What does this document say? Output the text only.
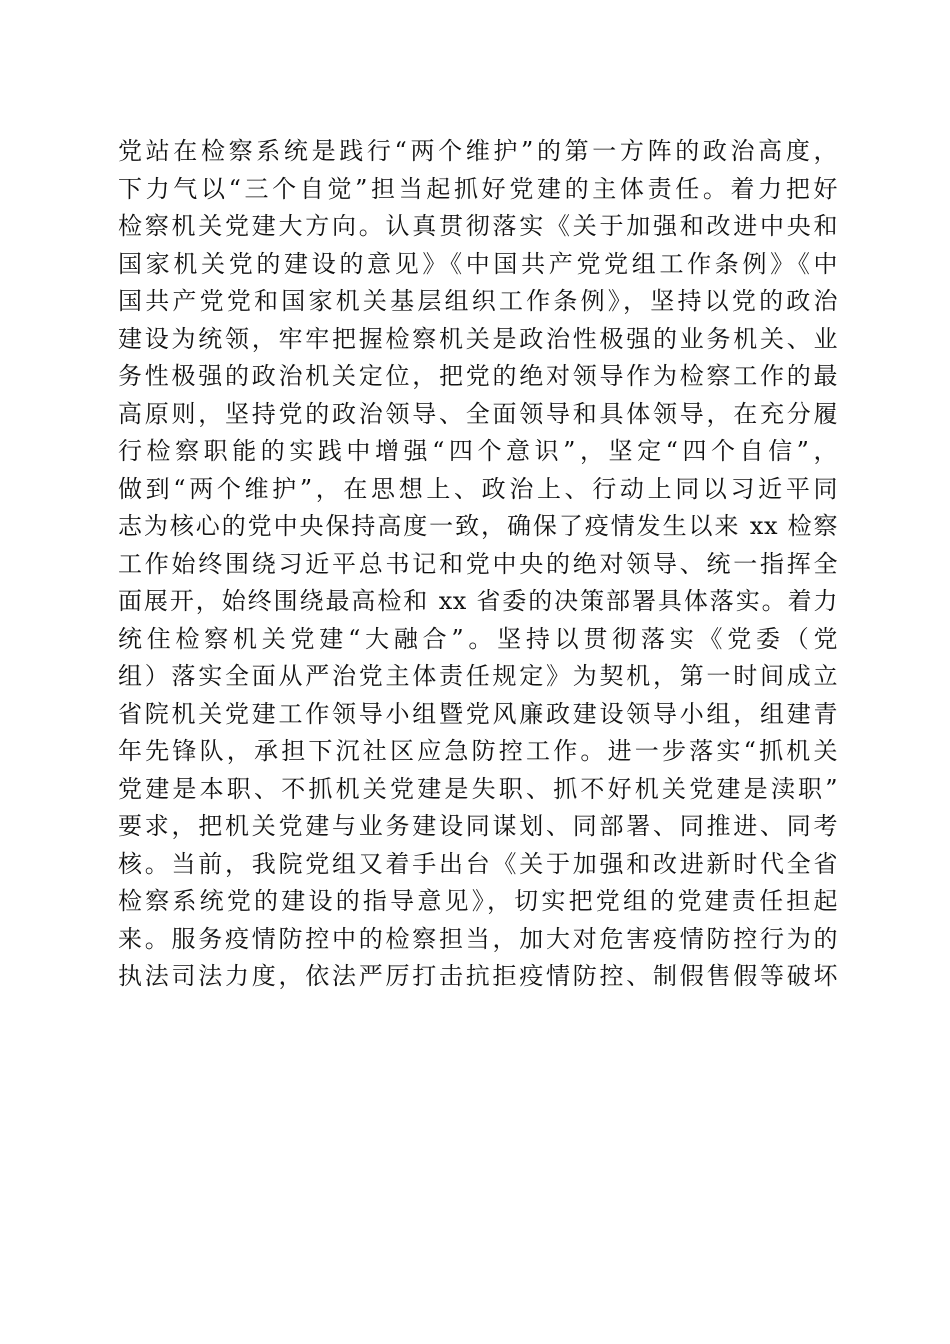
党站在检察系统是践行“两个维护”的第一方阵的政治高度，
下力气以“三个自觉”担当起抓好党建的主体责任。着力把好
检察机关党建大方向。认真贯彻落实《关于加强和改进中央和
国家机关党的建设的意见》《中国共产党党组工作条例》《中
国共产党党和国家机关基层组织工作条例》，坚持以党的政治
建设为统领，牢牢把握检察机关是政治性极强的业务机关、业
务性极强的政治机关定位，把党的绝对领导作为检察工作的最
高原则，坚持党的政治领导、全面领导和具体领导，在充分履
行检察职能的实践中增强“四个意识”，坚定“四个自信”，
做到“两个维护”，在思想上、政治上、行动上同以习近平同
志为核心的党中央保持高度一致，确保了疫情发生以来 xx 检察
工作始终围绕习近平总书记和党中央的绝对领导、统一指挥全
面展开，始终围绕最高检和 xx 省委的决策部署具体落实。着力
统住检察机关党建“大融合”。坚持以贯彻落实《党委（党
组）落实全面从严治党主体责任规定》为契机，第一时间成立
省院机关党建工作领导小组暨党风廉政建设领导小组，组建青
年先锋队，承担下沉社区应急防控工作。进一步落实“抓机关
党建是本职、不抓机关党建是失职、抓不好机关党建是渎职”
要求，把机关党建与业务建设同谋划、同部署、同推进、同考
核。当前，我院党组又着手出台《关于加强和改进新时代全省
检察系统党的建设的指导意见》，切实把党组的党建责任担起
来。服务疫情防控中的检察担当，加大对危害疫情防控行为的
执法司法力度，依法严厉打击抗拒疫情防控、制假售假等破坏
